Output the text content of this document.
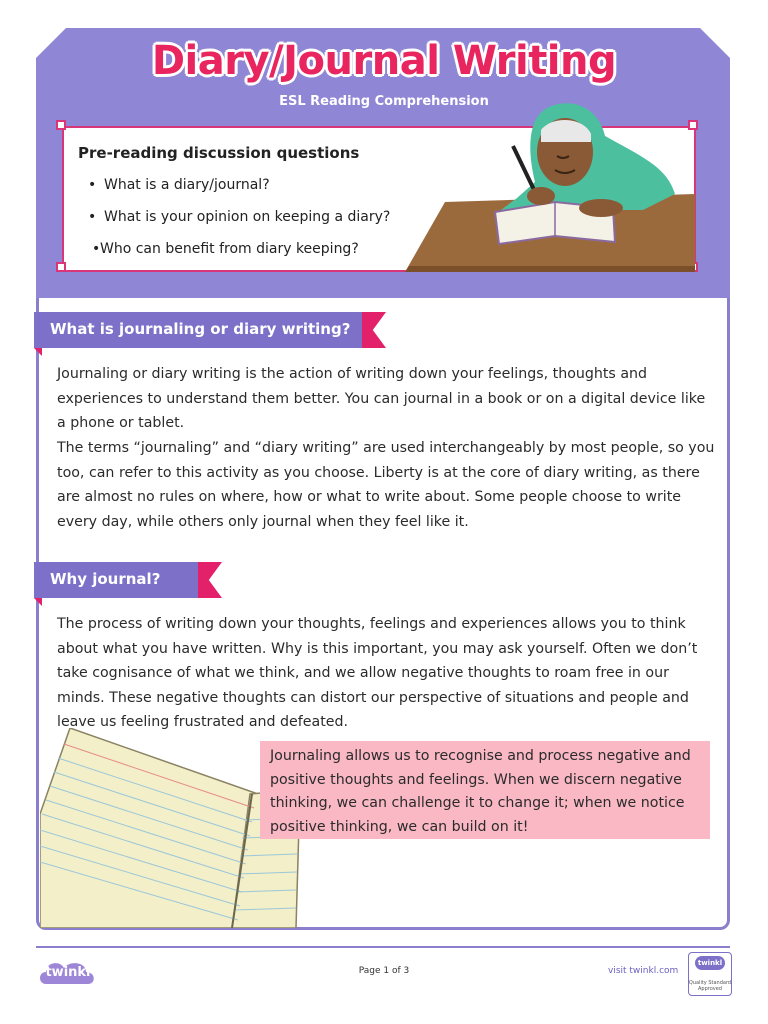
Diary/Journal Writing
ESL Reading Comprehension
Pre-reading discussion questions
• What is a diary/journal?
• What is your opinion on keeping a diary?
•Who can benefit from diary keeping?
What is journaling or diary writing?
Journaling or diary writing is the action of writing down your feelings, thoughts and experiences to understand them better. You can journal in a book or on a digital device like a phone or tablet.
The terms “journaling” and “diary writing” are used interchangeably by most people, so you too, can refer to this activity as you choose. Liberty is at the core of diary writing, as there are almost no rules on where, how or what to write about. Some people choose to write every day, while others only journal when they feel like it.
Why journal?
The process of writing down your thoughts, feelings and experiences allows you to think about what you have written. Why is this important, you may ask yourself. Often we don’t take cognisance of what we think, and we allow negative thoughts to roam free in our minds. These negative thoughts can distort our perspective of situations and people and leave us feeling frustrated and defeated.
Journaling allows us to recognise and process negative and positive thoughts and feelings. When we discern negative thinking, we can challenge it to change it; when we notice positive thinking, we can build on it!
twinkl	Page 1 of 3	visit twinkl.com
twinkl
Quality Standard Approved
